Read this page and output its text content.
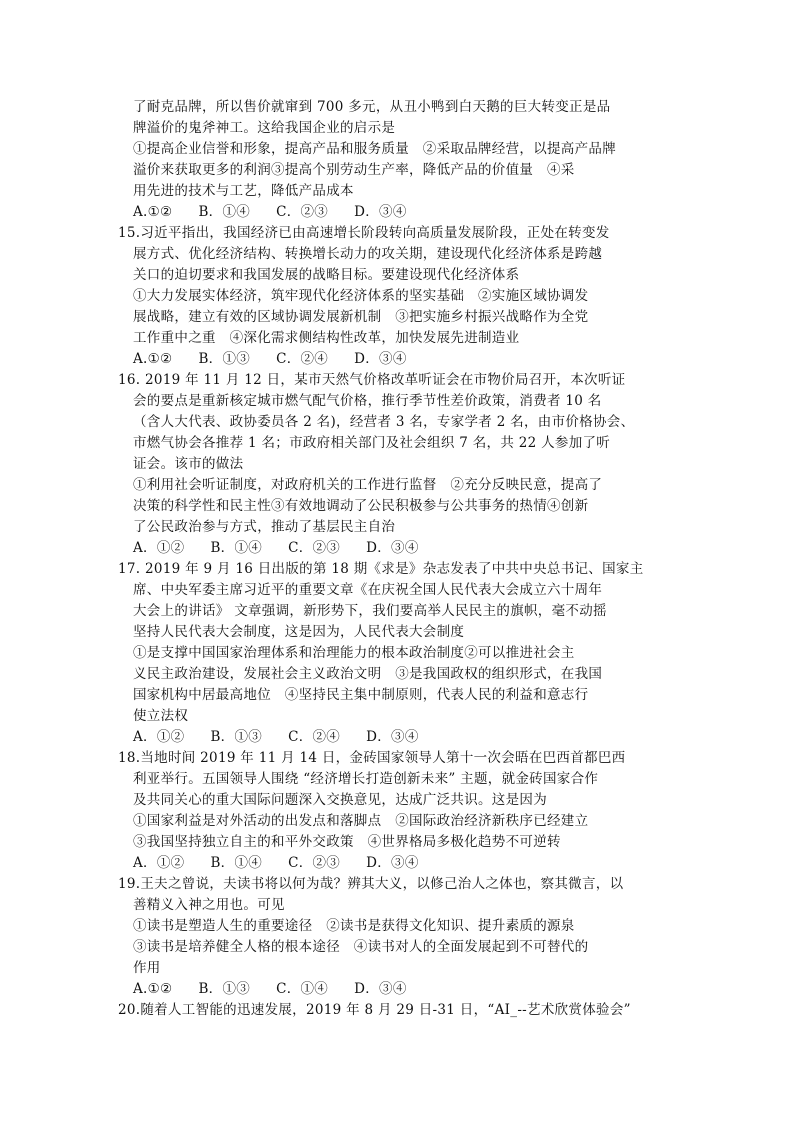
了耐克品牌，所以售价就窜到 700 多元，从丑小鸭到白天鹅的巨大转变正是品
牌溢价的鬼斧神工。这给我国企业的启示是
①提高企业信誉和形象，提高产品和服务质量　②采取品牌经营，以提高产品牌
溢价来获取更多的利润③提高个别劳动生产率，降低产品的价值量　④采
用先进的技术与工艺，降低产品成本
A.①② B．①④ C．②③ D．③④
15.习近平指出，我国经济已由高速增长阶段转向高质量发展阶段，正处在转变发
展方式、优化经济结构、转换增长动力的攻关期，建设现代化经济体系是跨越
关口的迫切要求和我国发展的战略目标。要建设现代化经济体系
①大力发展实体经济，筑牢现代化经济体系的坚实基础　②实施区域协调发
展战略，建立有效的区域协调发展新机制　③把实施乡村振兴战略作为全党
工作重中之重　④深化需求侧结构性改革，加快发展先进制造业
A.①② B．①③ C．②④ D．③④
16. 2019 年 11 月 12 日，某市天然气价格改革听证会在市物价局召开，本次听证
会的要点是重新核定城市燃气配气价格，推行季节性差价政策，消费者 10 名
（含人大代表、政协委员各 2 名)，经营者 3 名，专家学者 2 名，由市价格协会、
市燃气协会各推荐 1 名；市政府相关部门及社会组织 7 名，共 22 人参加了听
证会。该市的做法
①利用社会听证制度，对政府机关的工作进行监督　②充分反映民意，提高了
决策的科学性和民主性③有效地调动了公民积极参与公共事务的热情④创新
了公民政治参与方式，推动了基层民主自治
A．①② B．①④ C．②③ D．③④
17. 2019 年 9 月 16 日出版的第 18 期《求是》杂志发表了中共中央总书记、国家主
席、中央军委主席习近平的重要文章《在庆祝全国人民代表大会成立六十周年
大会上的讲话》 文章强调，新形势下，我们要高举人民民主的旗帜，毫不动摇
坚持人民代表大会制度，这是因为，人民代表大会制度
①是支撑中国国家治理体系和治理能力的根本政治制度②可以推进社会主
义民主政治建设，发展社会主义政治文明　③是我国政权的组织形式，在我国
国家机构中居最高地位　④坚持民主集中制原则，代表人民的利益和意志行
使立法权
A．①② B．①③ C．②④ D．③④
18.当地时间 2019 年 11 月 14 日，金砖国家领导人第十一次会晤在巴西首都巴西
利亚举行。五国领导人围绕 “经济增长打造创新未来” 主题，就金砖国家合作
及共同关心的重大国际问题深入交换意见，达成广泛共识。这是因为
①国家利益是对外活动的出发点和落脚点　②国际政治经济新秩序已经建立
③我国坚持独立自主的和平外交政策　④世界格局多极化趋势不可逆转
A．①② B．①④ C．②③ D．③④
19.王夫之曾说，夫读书将以何为哉？辨其大义，以修己治人之体也，察其微言，以
善精义入神之用也。可见
①读书是塑造人生的重要途径　②读书是获得文化知识、提升素质的源泉
③读书是培养健全人格的根本途径　④读书对人的全面发展起到不可替代的
作用
A.①② B．①③ C．①④ D．③④
20.随着人工智能的迅速发展，2019 年 8 月 29 日-31 日，“AI_--艺术欣赏体验会”
